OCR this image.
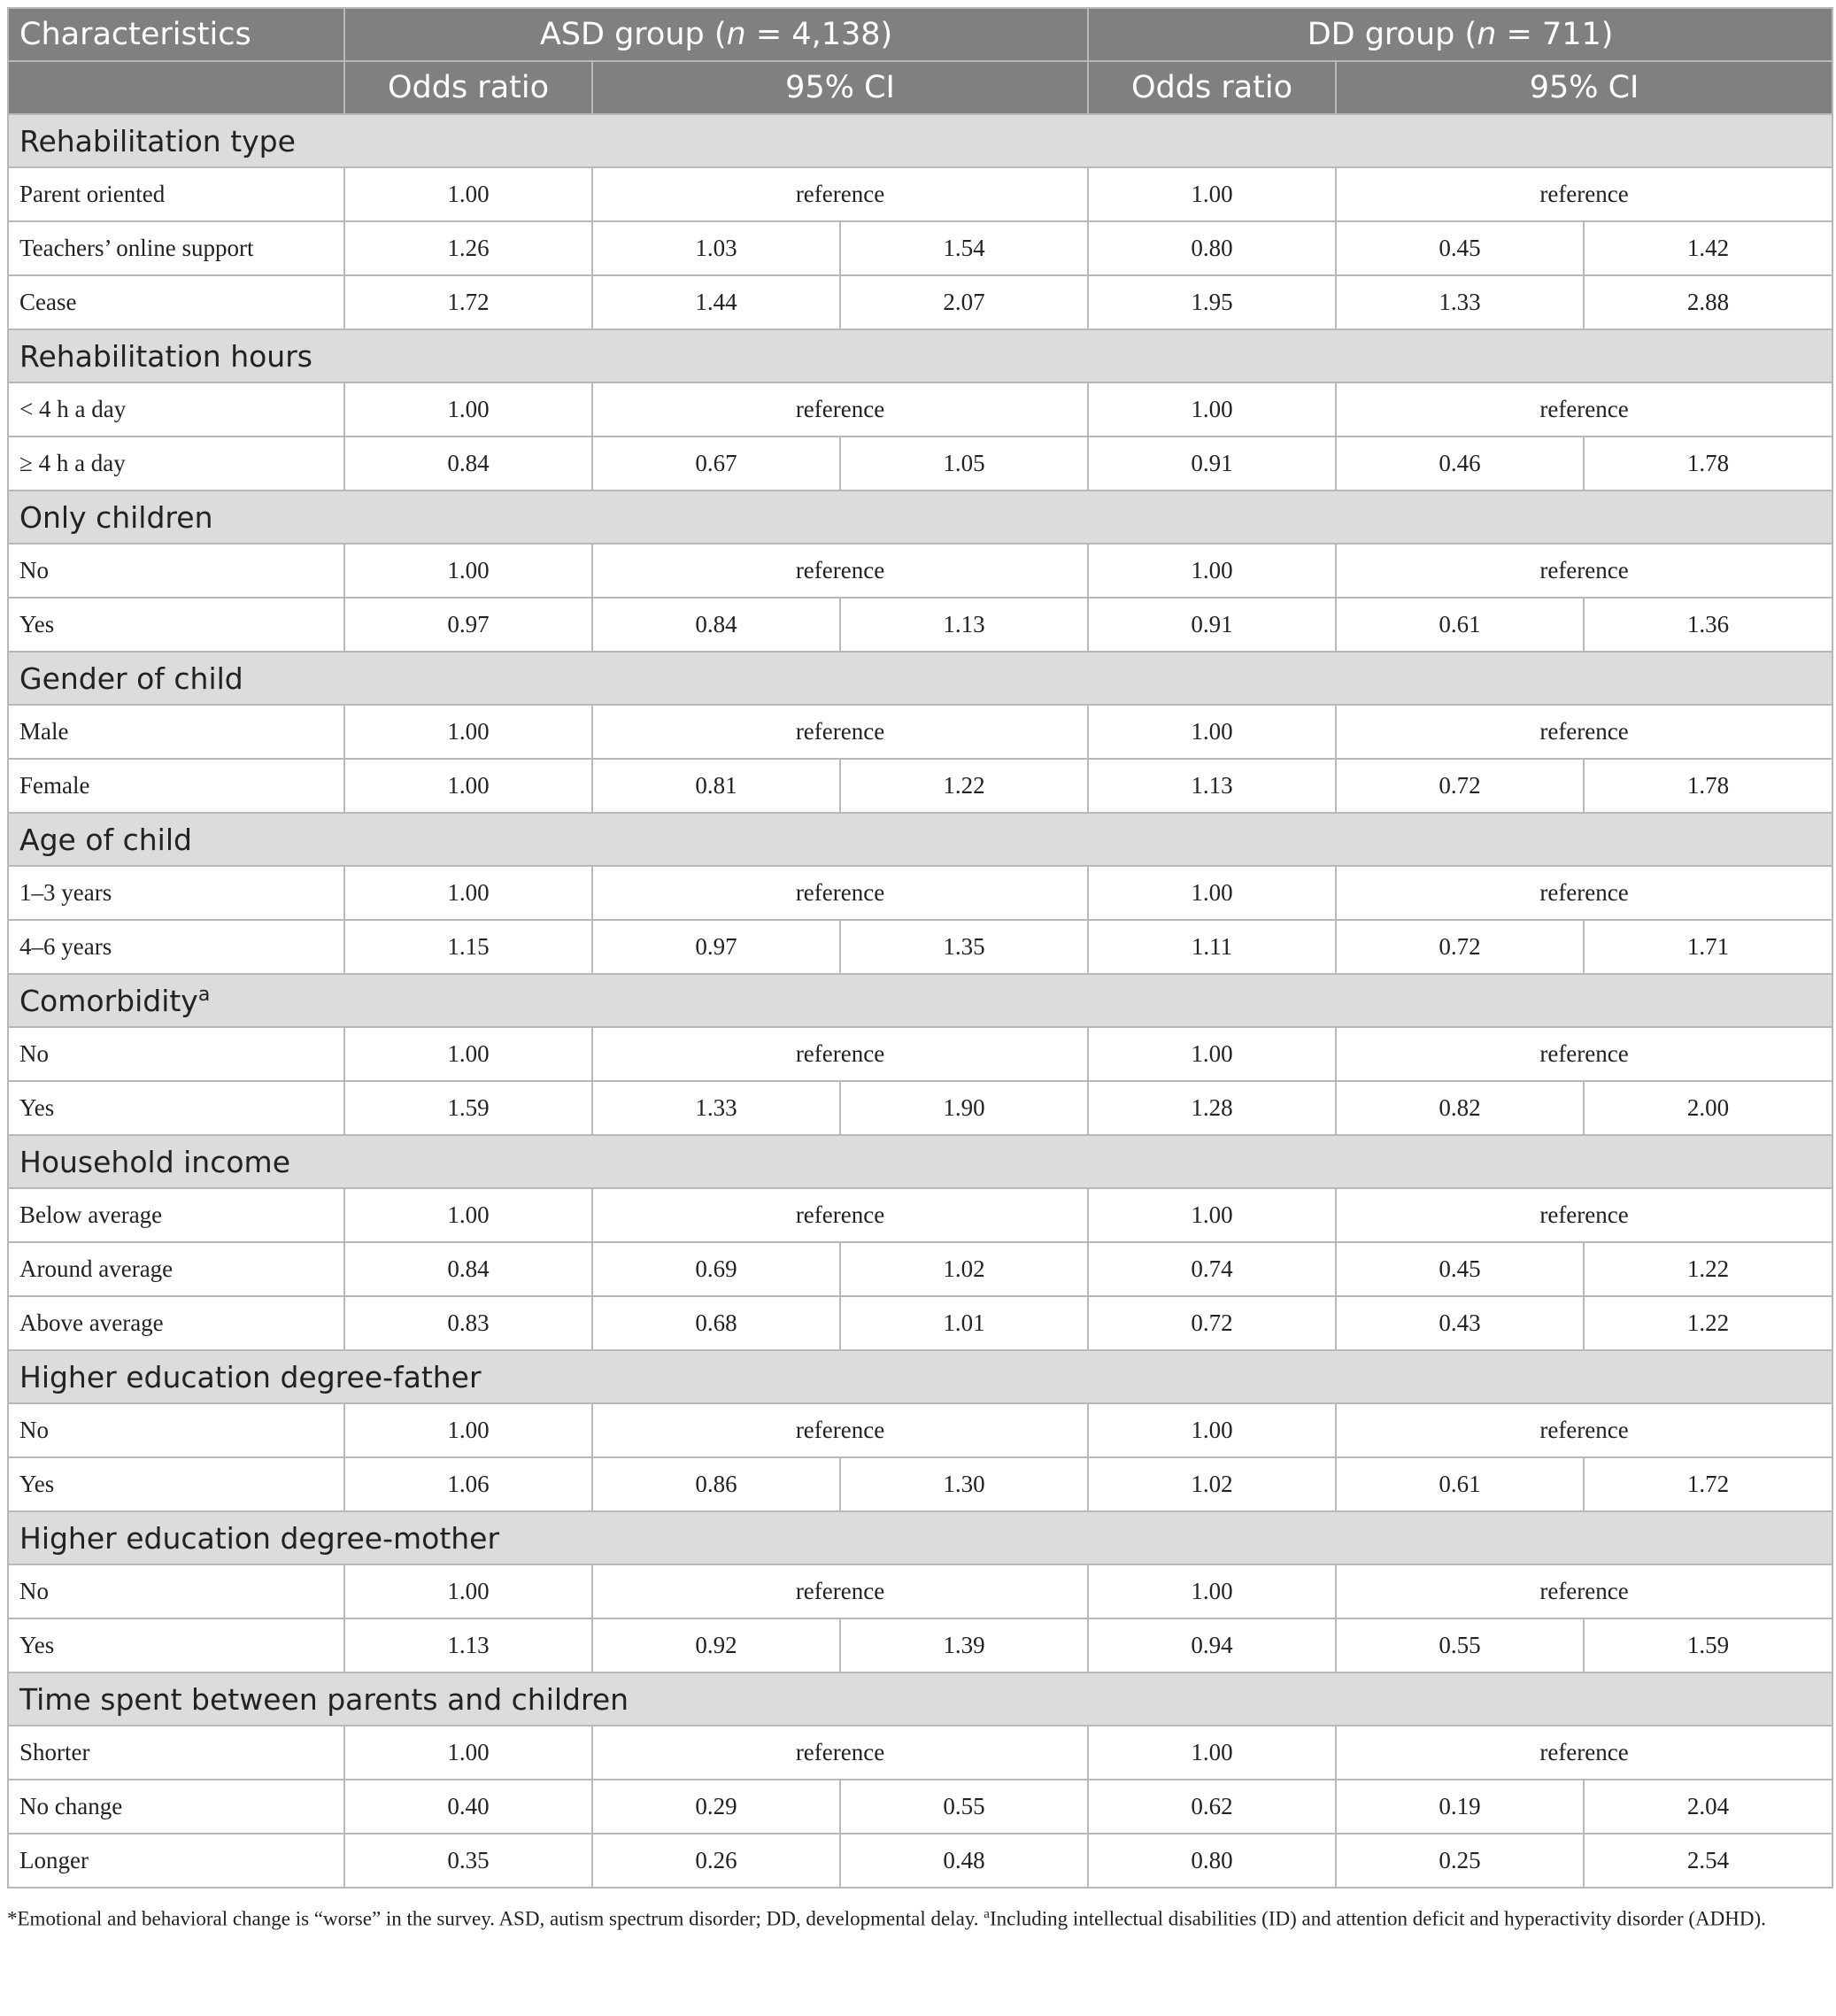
Characteristics	ASD group (n = 4,138)			DD group (n = 711)		
	Odds ratio	95% CI		Odds ratio	95% CI	
Rehabilitation type						
Parent oriented	1.00	reference		1.00	reference	
Teachers’ online support	1.26	1.03	1.54	0.80	0.45	1.42
Cease	1.72	1.44	2.07	1.95	1.33	2.88
Rehabilitation hours						
< 4 h a day	1.00	reference		1.00	reference	
≥ 4 h a day	0.84	0.67	1.05	0.91	0.46	1.78
Only children						
No	1.00	reference		1.00	reference	
Yes	0.97	0.84	1.13	0.91	0.61	1.36
Gender of child						
Male	1.00	reference		1.00	reference	
Female	1.00	0.81	1.22	1.13	0.72	1.78
Age of child						
1–3 years	1.00	reference		1.00	reference	
4–6 years	1.15	0.97	1.35	1.11	0.72	1.71
Comorbidity$^a$
No	1.00	reference		1.00	reference	
Yes	1.59	1.33	1.90	1.28	0.82	2.00
Household income						
Below average	1.00	reference		1.00	reference	
Around average	0.84	0.69	1.02	0.74	0.45	1.22
Above average	0.83	0.68	1.01	0.72	0.43	1.22
Higher education degree-father						
No	1.00	reference		1.00	reference	
Yes	1.06	0.86	1.30	1.02	0.61	1.72
Higher education degree-mother						
No	1.00	reference		1.00	reference	
Yes	1.13	0.92	1.39	0.94	0.55	1.59
Time spent between parents and children						
Shorter	1.00	reference		1.00	reference	
No change	0.40	0.29	0.55	0.62	0.19	2.04
Longer	0.35	0.26	0.48	0.80	0.25	2.54
*Emotional and behavioral change is “worse” in the survey. ASD, autism spectrum disorder; DD, developmental delay. $^a$Including intellectual disabilities (ID) and attention deficit and hyperactivity disorder (ADHD).
